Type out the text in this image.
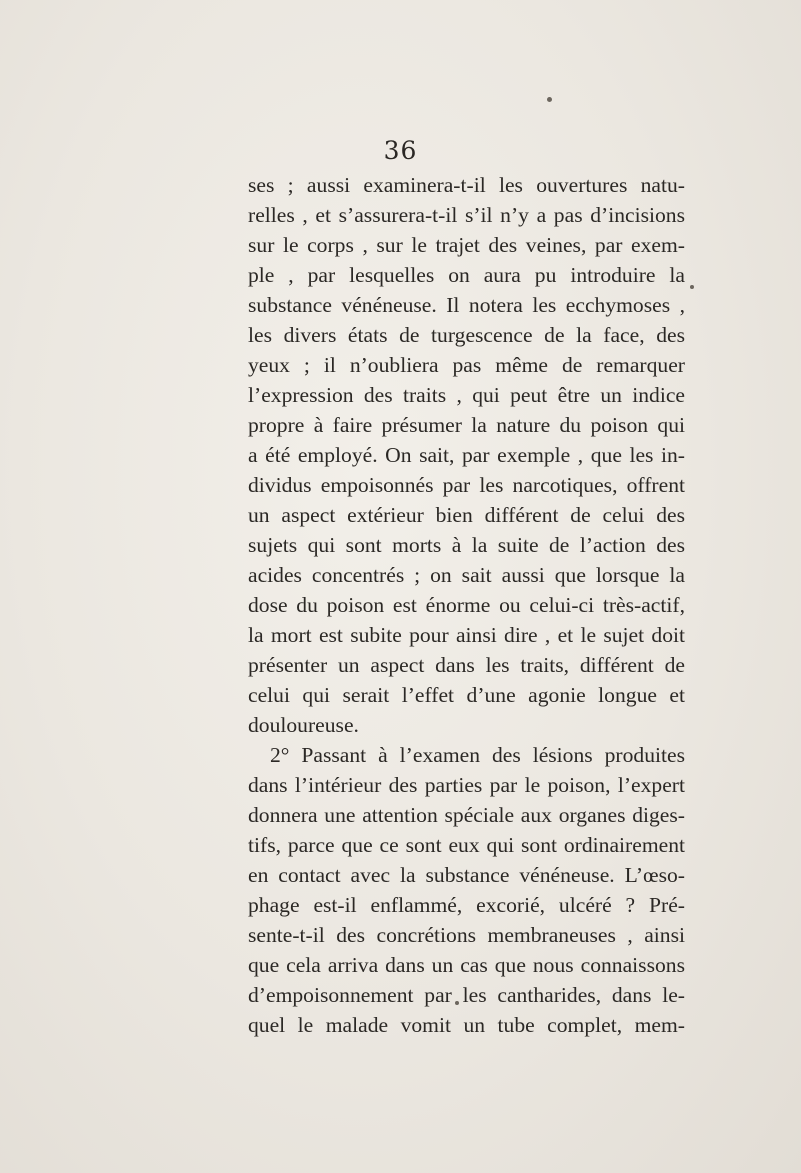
36
ses ; aussi examinera-t-il les ouvertures natu-
relles , et s’assurera-t-il s’il n’y a pas d’incisions
sur le corps , sur le trajet des veines, par exem-
ple , par lesquelles on aura pu introduire la
substance vénéneuse. Il notera les ecchymoses ,
les divers états de turgescence de la face, des
yeux ; il n’oubliera pas même de remarquer
l’expression des traits , qui peut être un indice
propre à faire présumer la nature du poison qui
a été employé. On sait, par exemple , que les in-
dividus empoisonnés par les narcotiques, offrent
un aspect extérieur bien différent de celui des
sujets qui sont morts à la suite de l’action des
acides concentrés ; on sait aussi que lorsque la
dose du poison est énorme ou celui-ci très-actif,
la mort est subite pour ainsi dire , et le sujet doit
présenter un aspect dans les traits, différent de
celui qui serait l’effet d’une agonie longue et
douloureuse.
2° Passant à l’examen des lésions produites
dans l’intérieur des parties par le poison, l’expert
donnera une attention spéciale aux organes diges-
tifs, parce que ce sont eux qui sont ordinairement
en contact avec la substance vénéneuse. L’œso-
phage est-il enflammé, excorié, ulcéré ? Pré-
sente-t-il des concrétions membraneuses , ainsi
que cela arriva dans un cas que nous connaissons
d’empoisonnement par les cantharides, dans le-
quel le malade vomit un tube complet, mem-
